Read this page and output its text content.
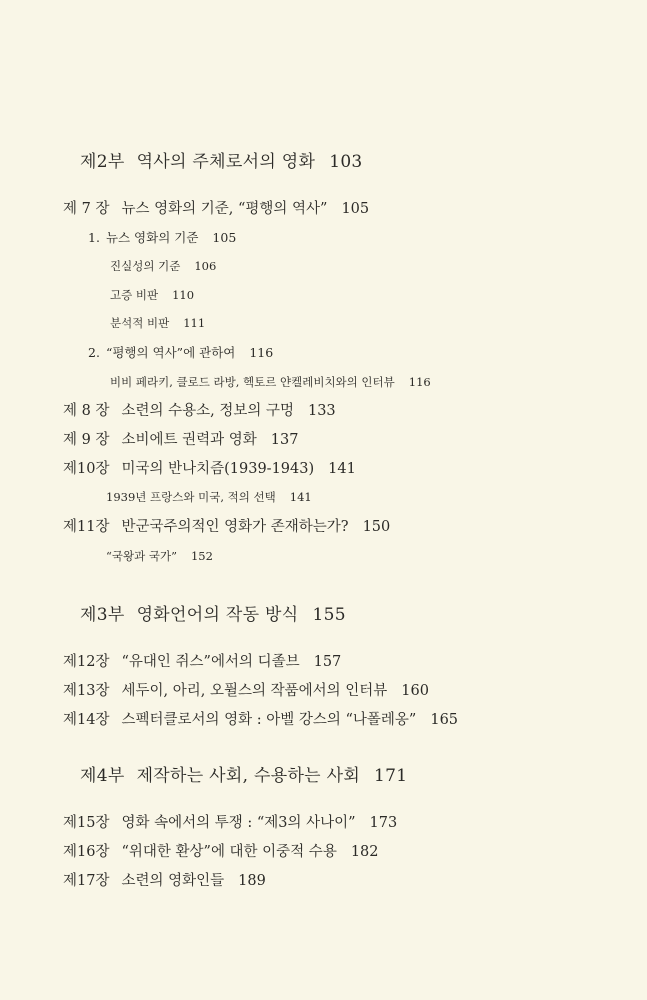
제2부 역사의 주체로서의 영화 103
제 7 장 뉴스 영화의 기준, “평행의 역사” 105
1. 뉴스 영화의 기준 105
진실성의 기준 106
고증 비판 110
분석적 비판 111
2. “평행의 역사”에 관하여 116
비비 페라키, 클로드 라방, 헥토르 얀켈레비치와의 인터뷰 116
제 8 장 소련의 수용소, 정보의 구멍 133
제 9 장 소비에트 권력과 영화 137
제10장 미국의 반나치즘(1939-1943) 141
1939년 프랑스와 미국, 적의 선택 141
제11장 반군국주의적인 영화가 존재하는가? 150
“국왕과 국가” 152
제3부 영화언어의 작동 방식 155
제12장 “유대인 쥐스”에서의 디졸브 157
제13장 세두이, 아리, 오퓔스의 작품에서의 인터뷰 160
제14장 스펙터클로서의 영화 : 아벨 강스의 “나폴레옹” 165
제4부 제작하는 사회, 수용하는 사회 171
제15장 영화 속에서의 투쟁 : “제3의 사나이” 173
제16장 “위대한 환상”에 대한 이중적 수용 182
제17장 소련의 영화인들 189
